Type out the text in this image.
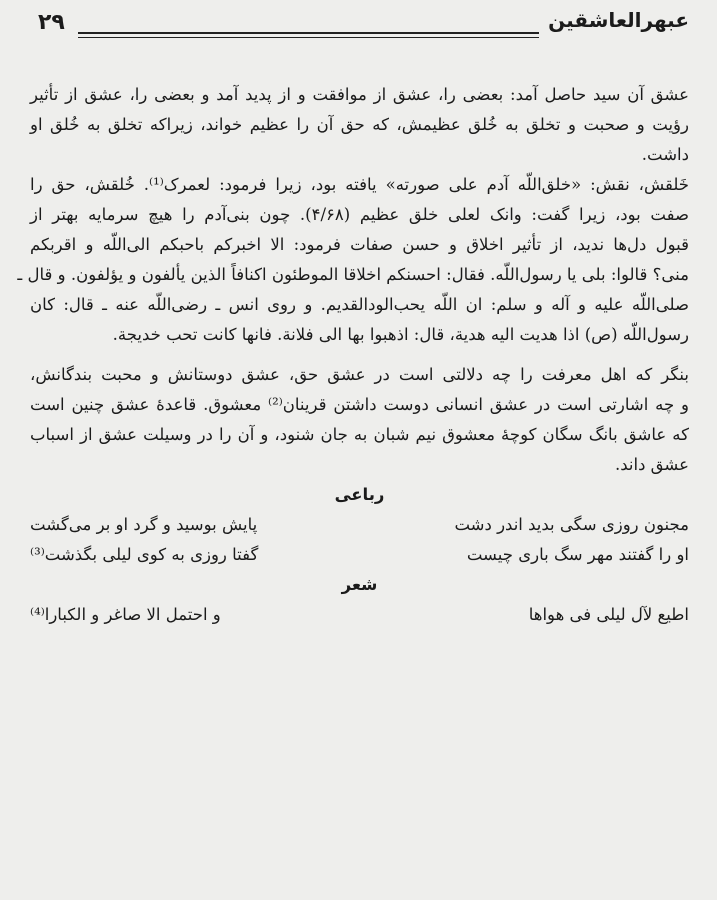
۲۹	عبهرالعاشقین
عشق آن سید حاصل آمد: بعضی را، عشق از موافقت و از پدید آمد و بعضی را، عشق از تأثیر
رؤیت و صحبت و تخلق به خُلق عظیمش، که حق آن را عظیم خواند، زیراکه تخلق به خُلق او
داشت.
خَلقش، نقش: «خلق‌اللّه آدم علی صورته» یافته بود، زیرا فرمود: لعمرک⁽¹⁾. خُلقش، حق را
صفت بود، زیرا گفت: وانک لعلی خلق عظیم (۴/۶۸). چون بنی‌آدم را هیچ سرمایه بهتر از
قبول دل‌ها ندید، از تأثیر اخلاق و حسن صفات فرمود: الا اخبرکم باحبکم الی‌اللّه و اقربکم
منی؟ قالوا: بلی یا رسول‌اللّه. فقال: احسنکم اخلاقا الموطئون اکنافاً الذین یألفون و یؤلفون. و قال ـ
صلی‌اللّه علیه و آله و سلم: ان اللّه یحب‌الودالقدیم. و روی انس ـ رضی‌اللّه عنه ـ قال: کان
رسول‌اللّه (ص) اذا هدیت الیه هدیة، قال: اذهبوا بها الی فلانة. فانها کانت تحب خدیجة.
بنگر که اهل معرفت را چه دلالتی است در عشق حق، عشق دوستانش و محبت بندگانش،
و چه اشارتی است در عشق انسانی دوست داشتن قرینان⁽²⁾ معشوق. قاعدهٔ عشق چنین است
که عاشق بانگ سگان کوچهٔ معشوق نیم شبان به جان شنود، و آن را در وسیلت عشق از اسباب
عشق داند.
رباعی
مجنون روزی سگی بدید اندر دشت
پایش بوسید و گرد او بر می‌گشت
او را گفتند مهر سگ باری چیست
گفتا روزی به کوی لیلی بگذشت⁽³⁾
شعر
اطیع لآل لیلی فی هواها
و احتمل الا صاغر و الکبارا⁽⁴⁾
